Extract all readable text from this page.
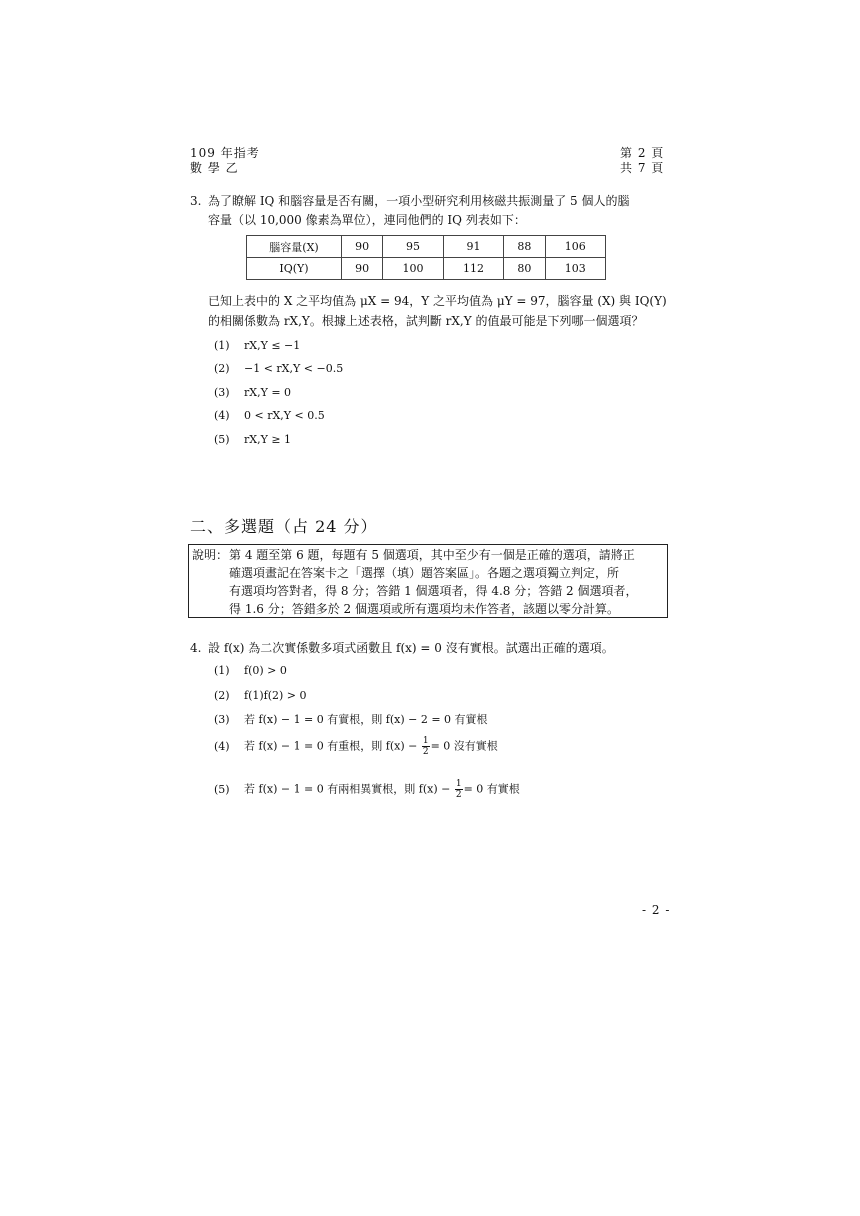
109 年指考
數 學 乙
第 2 頁
共 7 頁
3. 為了瞭解 IQ 和腦容量是否有關，一項小型研究利用核磁共振測量了 5 個人的腦
容量（以 10,000 像素為單位），連同他們的 IQ 列表如下：
腦容量(X)	90	95	91	88	106
IQ(Y)	90	100	112	80	103
已知上表中的 X 之平均值為 μX = 94，Y 之平均值為 μY = 97，腦容量 (X) 與 IQ(Y)
的相關係數為 rX,Y。根據上述表格，試判斷 rX,Y 的值最可能是下列哪一個選項？
(1) rX,Y ≤ −1
(2) −1 < rX,Y < −0.5
(3) rX,Y = 0
(4) 0 < rX,Y < 0.5
(5) rX,Y ≥ 1
二、多選題（占 24 分）
說明： 第 4 題至第 6 題，每題有 5 個選項，其中至少有一個是正確的選項，請將正
確選項畫記在答案卡之「選擇（填）題答案區」。各題之選項獨立判定，所
有選項均答對者，得 8 分；答錯 1 個選項者，得 4.8 分；答錯 2 個選項者，
得 1.6 分；答錯多於 2 個選項或所有選項均未作答者，該題以零分計算。
4. 設 f(x) 為二次實係數多項式函數且 f(x) = 0 沒有實根。試選出正確的選項。
(1) f(0) > 0
(2) f(1)f(2) > 0
(3) 若 f(x) − 1 = 0 有實根，則 f(x) − 2 = 0 有實根
(4) 若 f(x) − 1 = 0 有重根，則 $f(x) - \frac{1}{2} = 0$ 沒有實根
(5) 若 f(x) − 1 = 0 有兩相異實根，則 $f(x) - \frac{1}{2} = 0$ 有實根
- 2 -
